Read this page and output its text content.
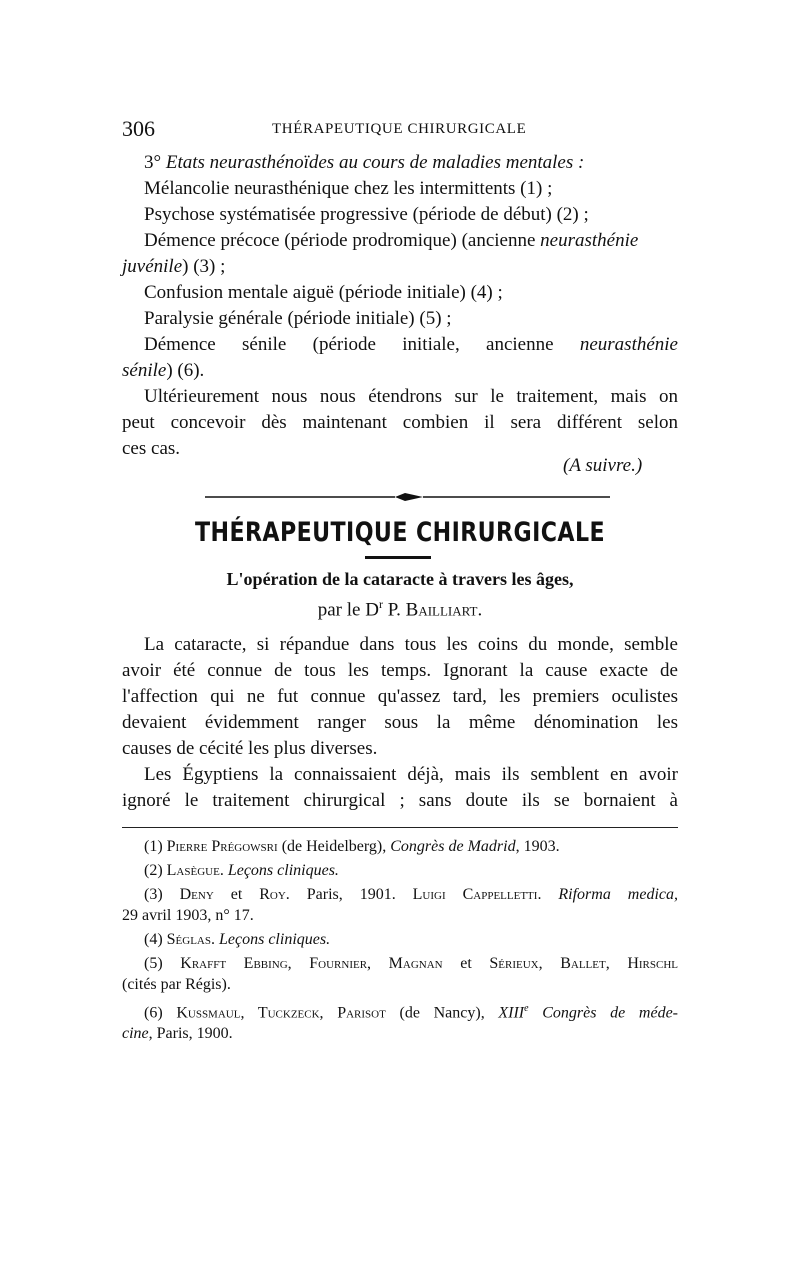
306	THÉRAPEUTIQUE CHIRURGICALE
3° Etats neurasthénoïdes au cours de maladies mentales :
Mélancolie neurasthénique chez les intermittents (1) ;
Psychose systématisée progressive (période de début) (2) ;
Démence précoce (période prodromique) (ancienne neurasthénie
juvénile) (3) ;
Confusion mentale aiguë (période initiale) (4) ;
Paralysie générale (période initiale) (5) ;
Démence sénile (période initiale, ancienne neurasthénie
sénile) (6).
Ultérieurement nous nous étendrons sur le traitement, mais on
peut concevoir dès maintenant combien il sera différent selon
ces cas.
(A suivre.)
THÉRAPEUTIQUE CHIRURGICALE
L'opération de la cataracte à travers les âges,
par le $D^r$ P. Bailliart.
La cataracte, si répandue dans tous les coins du monde, semble
avoir été connue de tous les temps. Ignorant la cause exacte de
l'affection qui ne fut connue qu'assez tard, les premiers oculistes
devaient évidemment ranger sous la même dénomination les
causes de cécité les plus diverses.
Les Égyptiens la connaissaient déjà, mais ils semblent en avoir
ignoré le traitement chirurgical ; sans doute ils se bornaient à
(1) Pierre Prégowsri (de Heidelberg), Congrès de Madrid, 1903.
(2) Lasègue. Leçons cliniques.
(3) Deny et Roy. Paris, 1901. Luigi Cappelletti. Riforma medica,
29 avril 1903, n° 17.
(4) Séglas. Leçons cliniques.
(5) Krafft Ebbing, Fournier, Magnan et Sérieux, Ballet, Hirschl
(cités par Régis).
(6) Kussmaul, Tuckzeck, Parisot (de Nancy), XIIIe Congrès de méde-
cine, Paris, 1900.
